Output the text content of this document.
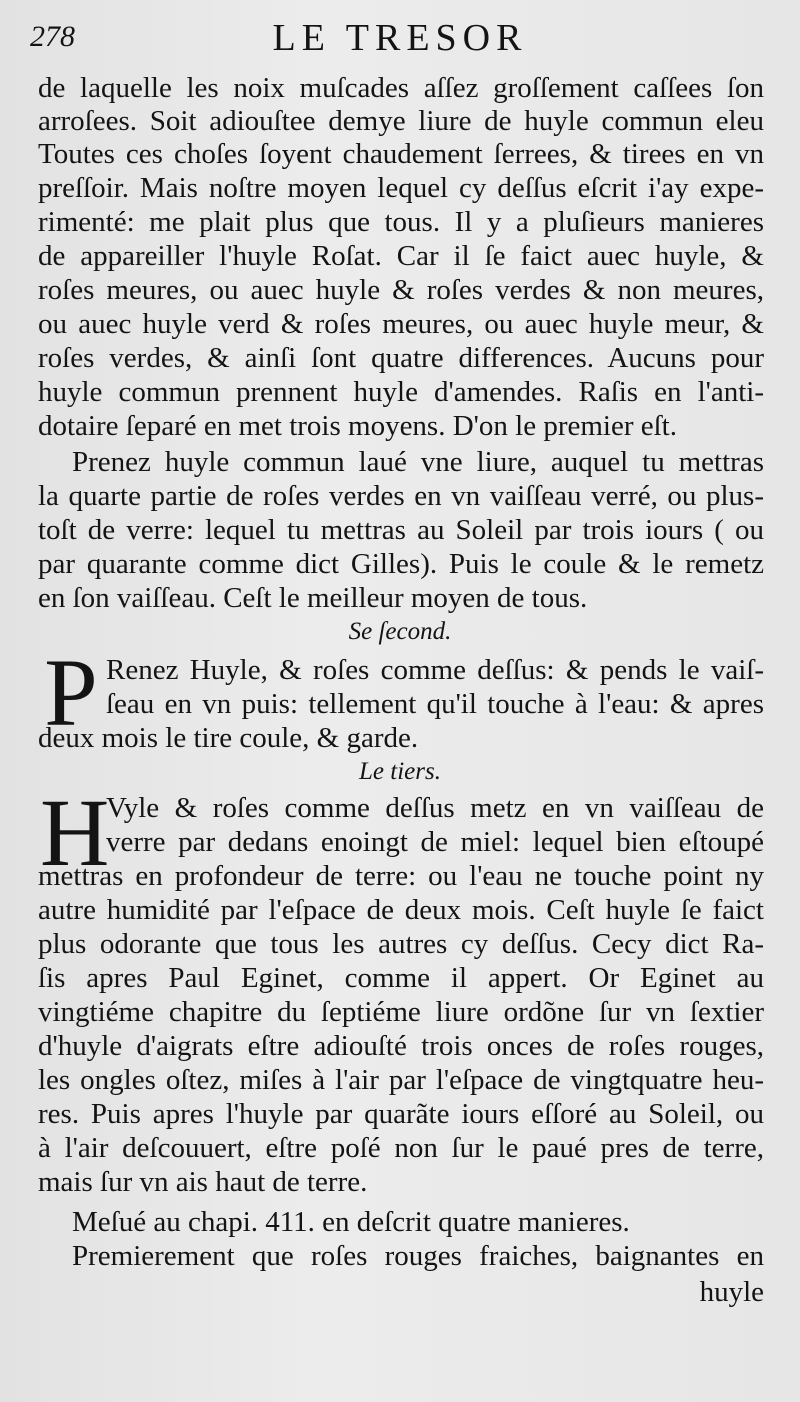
278	LE TRESOR
de laquelle les noix muſcades aſſez groſſement caſſees ſon
arroſees. Soit adiouſtee demye liure de huyle commun eleu
Toutes ces choſes ſoyent chaudement ſerrees, & tirees en vn
preſſoir. Mais noſtre moyen lequel cy deſſus eſcrit i'ay expe-
rimenté: me plait plus que tous. Il y a pluſieurs manieres
de appareiller l'huyle Roſat. Car il ſe faict auec huyle, &
roſes meures, ou auec huyle & roſes verdes & non meures,
ou auec huyle verd & roſes meures, ou auec huyle meur, &
roſes verdes, & ainſi ſont quatre differences. Aucuns pour
huyle commun prennent huyle d'amendes. Raſis en l'anti-
dotaire ſeparé en met trois moyens. D'on le premier eſt.
Prenez huyle commun laué vne liure, auquel tu mettras
la quarte partie de roſes verdes en vn vaiſſeau verré, ou plus-
toſt de verre: lequel tu mettras au Soleil par trois iours ( ou
par quarante comme dict Gilles). Puis le coule & le remetz
en ſon vaiſſeau. Ceſt le meilleur moyen de tous.
Se ſecond.
P Renez Huyle, & roſes comme deſſus: & pends le vaiſ-
ſeau en vn puis: tellement qu'il touche à l'eau: & apres
deux mois le tire coule, & garde.
Le tiers.
H
Vyle & roſes comme deſſus metz en vn vaiſſeau de
verre par dedans enoingt de miel: lequel bien eſtoupé
mettras en profondeur de terre: ou l'eau ne touche point ny
autre humidité par l'eſpace de deux mois. Ceſt huyle ſe faict
plus odorante que tous les autres cy deſſus. Cecy dict Ra-
ſis apres Paul Eginet, comme il appert. Or Eginet au
vingtiéme chapitre du ſeptiéme liure ordõne ſur vn ſextier
d'huyle d'aigrats eſtre adiouſté trois onces de roſes rouges,
les ongles oſtez, miſes à l'air par l'eſpace de vingtquatre heu-
res. Puis apres l'huyle par quarãte iours eſſoré au Soleil, ou
à l'air deſcouuert, eſtre poſé non ſur le paué pres de terre,
mais ſur vn ais haut de terre.
Meſué au chapi. 411. en deſcrit quatre manieres.
Premierement que roſes rouges fraiches, baignantes en
huyle
